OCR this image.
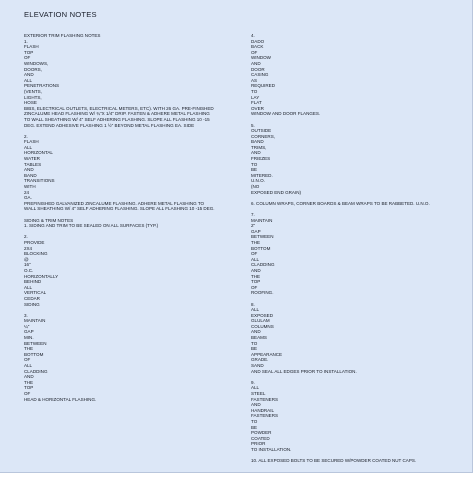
ELEVATION NOTES
EXTERIOR TRIM FLASHING NOTES
1.
FLASH
TOP
OF
WINDOWS,
DOORS,
AND
ALL
PENETRATIONS
(VENTS,
LIGHTS,
HOSE
BIBS, ELECTRICAL OUTLETS, ELECTRICAL METERS, ETC). WITH 26 GA. PRE-FINISHED
ZINCALUME HEAD FLASHING W/ ¾"X 1/4" DRIP. FASTEN & ADHERE METAL FLASHING
TO WALL SHEATHING W/ 4" SELF ADHERING FLASHING. SLOPE ALL FLASHING 10 -15
DEG. EXTEND ADHESIVE FLASHING 1 ½" BEYOND METAL FLASHING EA. SIDE
2.
FLASH
ALL
HORIZONTAL
WATER
TABLES
AND
BAND
TRANSITIONS
WITH
24
GA.
PREFINISHED GALVANIZED ZINCALUME FLASHING. ADHERE METAL FLASHING TO
WALL SHEATHING W/ 4" SELF ADHERING FLASHING. SLOPE ALL FLASHING 10 -15 DEG.
SIDING & TRIM NOTES
1. SIDING AND TRIM TO BE SEALED ON ALL SURFACES (TYP.)
2.
PROVIDE
2X4
BLOCKING
@
16"
O.C.
HORIZONTALLY
BEHIND
ALL
VERTICAL
CEDAR
SIDING
3.
MAINTAIN
¼"
GAP
MIN.
BETWEEN
THE
BOTTOM
OF
ALL
CLADDING
AND
THE
TOP
OF
HEAD & HORIZONTAL FLASHING.
4.
DADO
BACK
OF
WINDOW
AND
DOOR
CASING
AS
REQUIRED
TO
LAY
FLAT
OVER
WINDOW AND DOOR FLANGES.
5.
OUTSIDE
CORNERS,
BAND
TRIMS,
AND
FRIEZES
TO
BE
MITERED.
U.N.O.
(NO
EXPOSED END GRAIN)
6. COLUMN WRAPS, CORNER BOARDS & BEAM WRAPS TO BE RABBETED. U.N.O.
7.
MAINTAIN
2"
GAP
BETWEEN
THE
BOTTOM
OF
ALL
CLADDING
AND
THE
TOP
OF
ROOFING.
8.
ALL
EXPOSED
GLULAM
COLUMNS
AND
BEAMS
TO
BE
APPEARANCE
GRADE.
SAND
AND SEAL ALL EDGES PRIOR TO INSTALLATION.
9.
ALL
STEEL
FASTENERS
AND
HANDRAIL
FASTENERS
TO
BE
POWDER
COATED
PRIOR
TO INSTALLATION.
10. ALL EXPOSED BOLTS TO BE SECURED W/POWDER COATED NUT CAPS.
